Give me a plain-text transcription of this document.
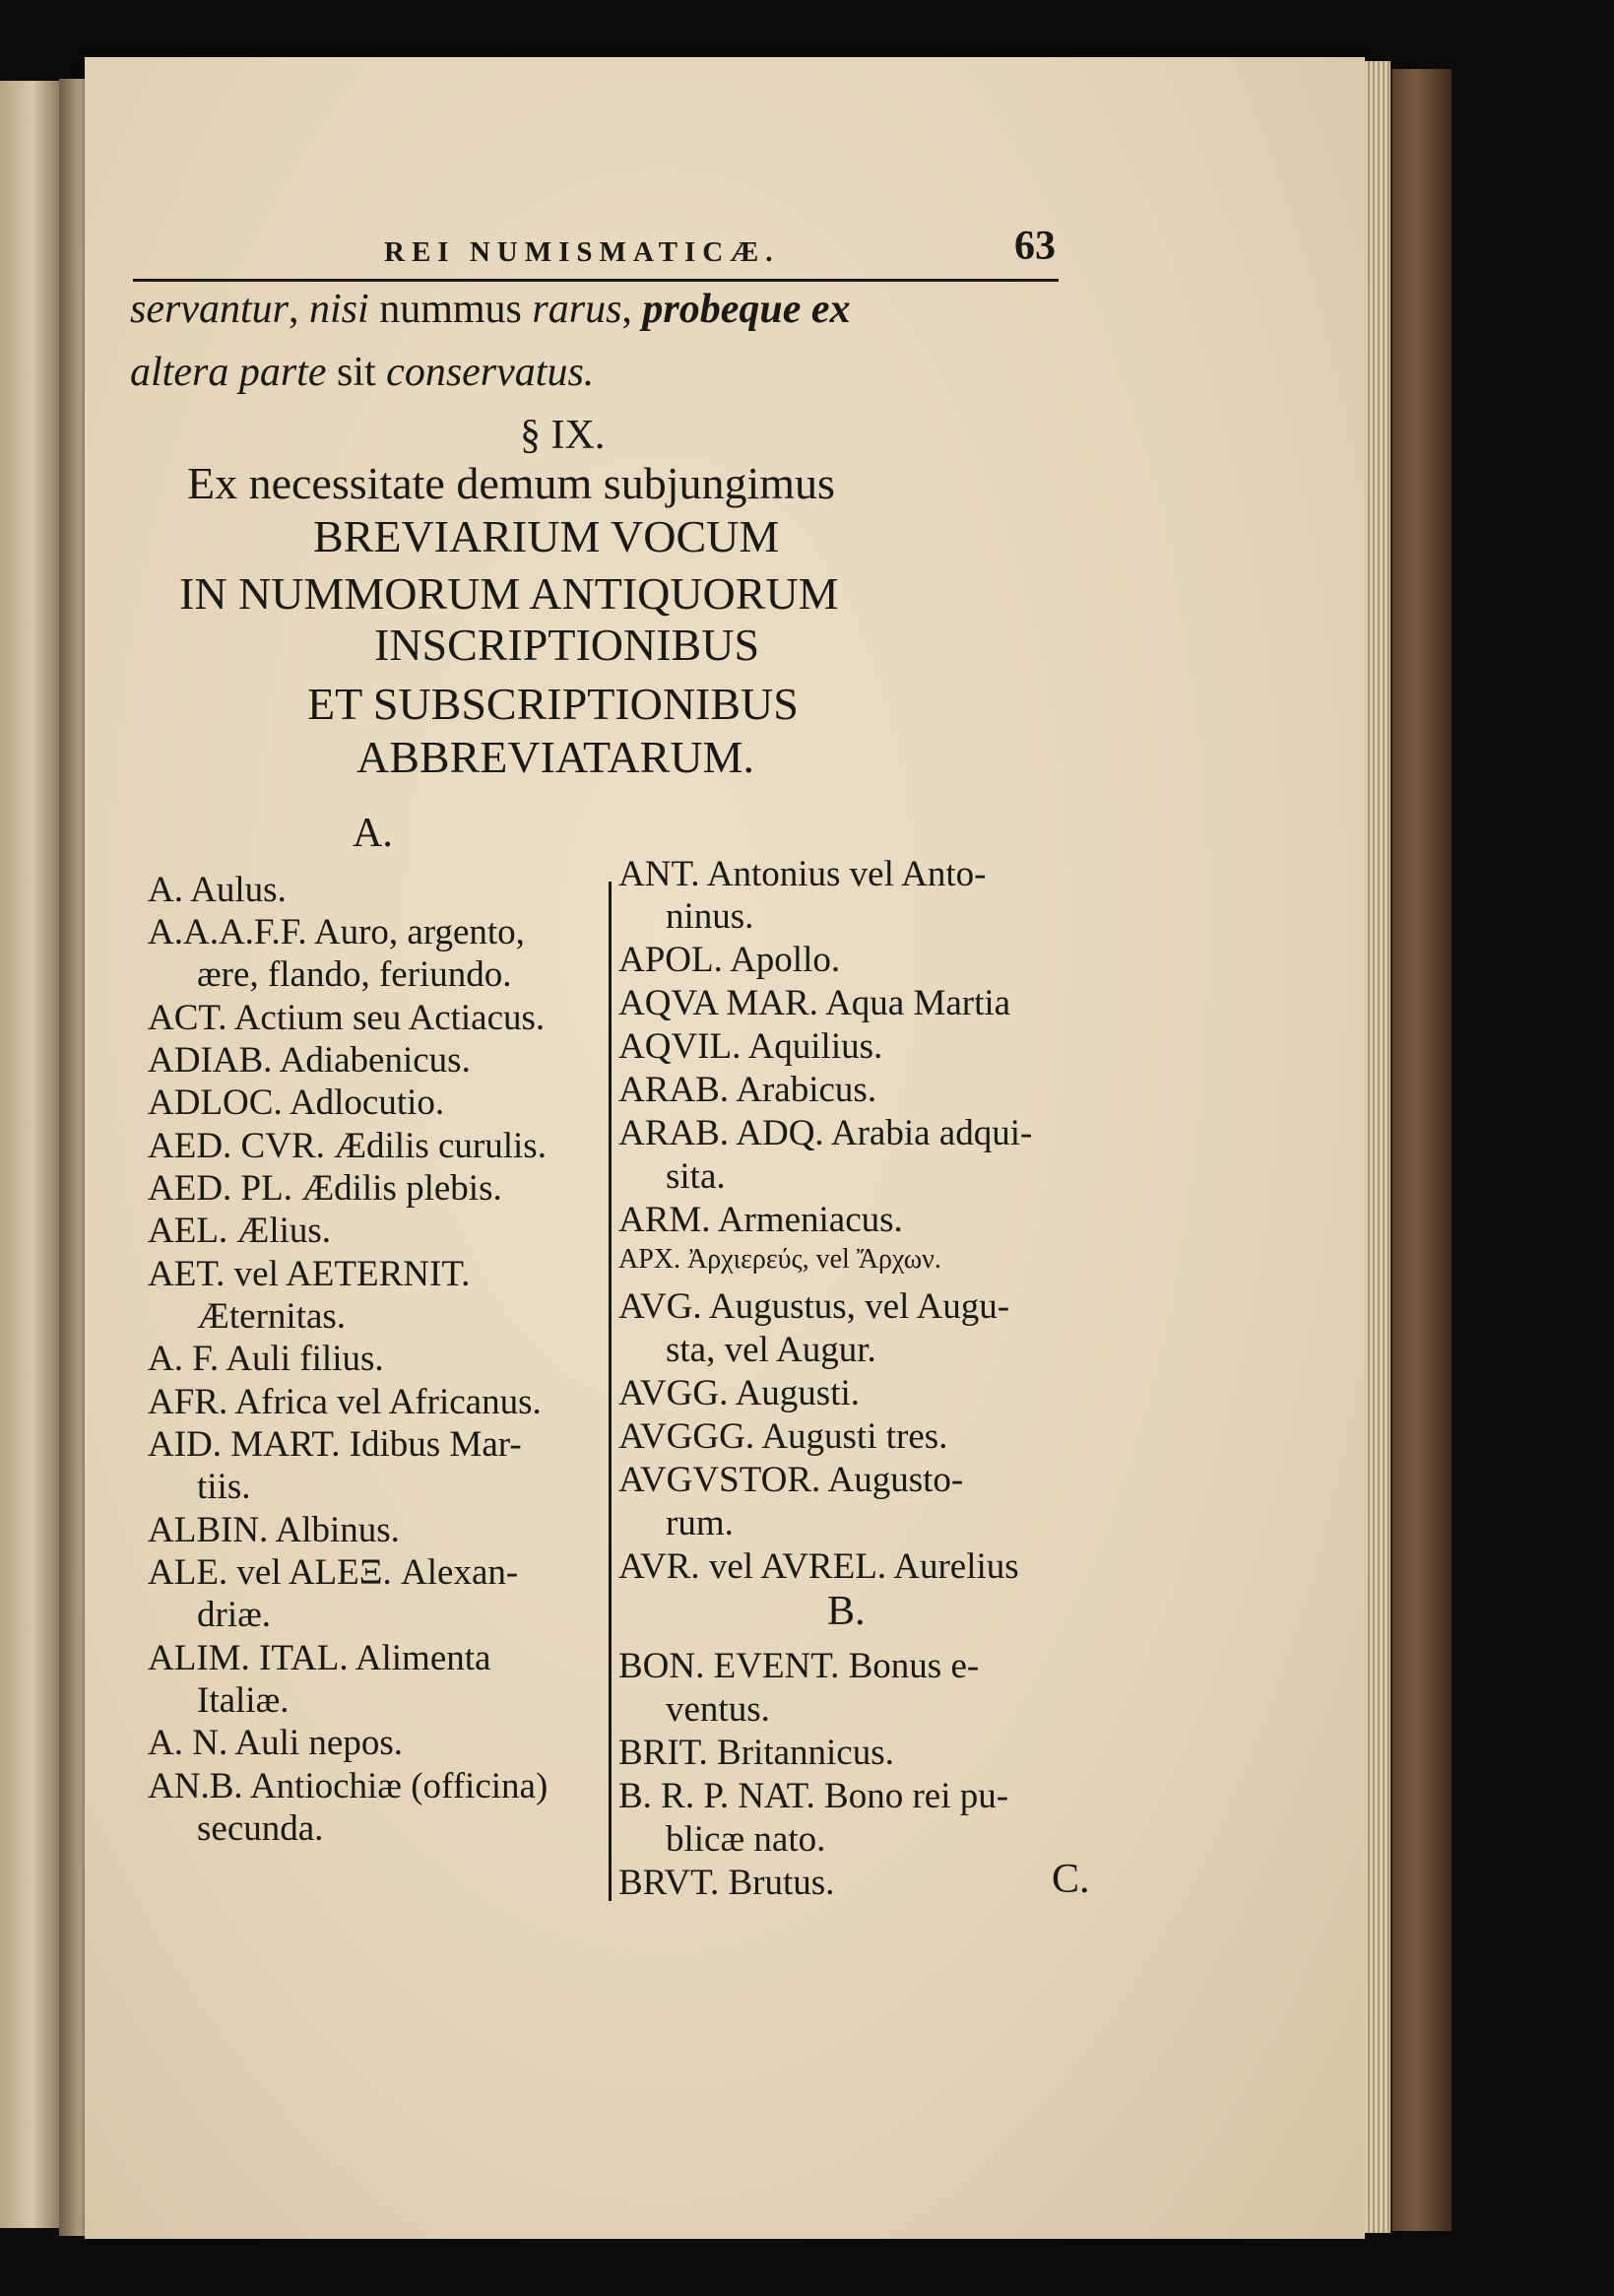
REI NUMISMATICÆ.	63
servantur, nisi nummus rarus, probeque ex
altera parte sit conservatus.
§ IX.
Ex necessitate demum subjungimus
BREVIARIUM VOCUM
IN NUMMORUM ANTIQUORUM
INSCRIPTIONIBUS
ET SUBSCRIPTIONIBUS
ABBREVIATARUM.
A.
A. Aulus.
A.A.A.F.F. Auro, argento,
ære, flando, feriundo.
ACT. Actium seu Actiacus.
ADIAB. Adiabenicus.
ADLOC. Adlocutio.
AED. CVR. Ædilis curulis.
AED. PL. Ædilis plebis.
AEL. Ælius.
AET. vel AETERNIT.
Æternitas.
A. F. Auli filius.
AFR. Africa vel Africanus.
AID. MART. Idibus Mar-
tiis.
ALBIN. Albinus.
ALE. vel ALEΞ. Alexan-
driæ.
ALIM. ITAL. Alimenta
Italiæ.
A. N. Auli nepos.
AN.B. Antiochiæ (officina)
secunda.
ANT. Antonius vel Anto-
ninus.
APOL. Apollo.
AQVA MAR. Aqua Martia
AQVIL. Aquilius.
ARAB. Arabicus.
ARAB. ADQ. Arabia adqui-
sita.
ARM. Armeniacus.
APX. Ἀρχιερεύς, vel Ἄρχων.
AVG. Augustus, vel Augu-
sta, vel Augur.
AVGG. Augusti.
AVGGG. Augusti tres.
AVGVSTOR. Augusto-
rum.
AVR. vel AVREL. Aurelius
B.
BON. EVENT. Bonus e-
ventus.
BRIT. Britannicus.
B. R. P. NAT. Bono rei pu-
blicæ nato.
BRVT. Brutus.	C.
